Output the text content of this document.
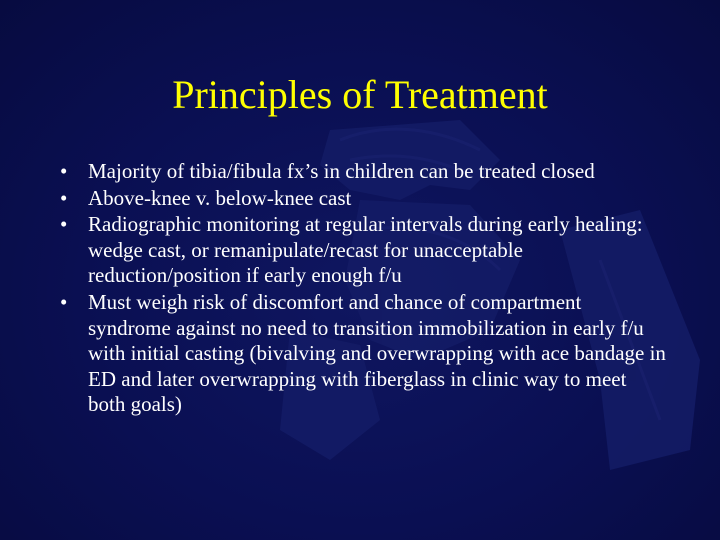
Principles of Treatment
• Majority of tibia/fibula fx’s in children can be treated closed
• Above-knee v. below-knee cast
• Radiographic monitoring at regular intervals during early healing: wedge cast, or remanipulate/recast for unacceptable reduction/position if early enough f/u
• Must weigh risk of discomfort and chance of compartment syndrome against no need to transition immobilization in early f/u with initial casting (bivalving and overwrapping with ace bandage in ED and later overwrapping with fiberglass in clinic way to meet both goals)
